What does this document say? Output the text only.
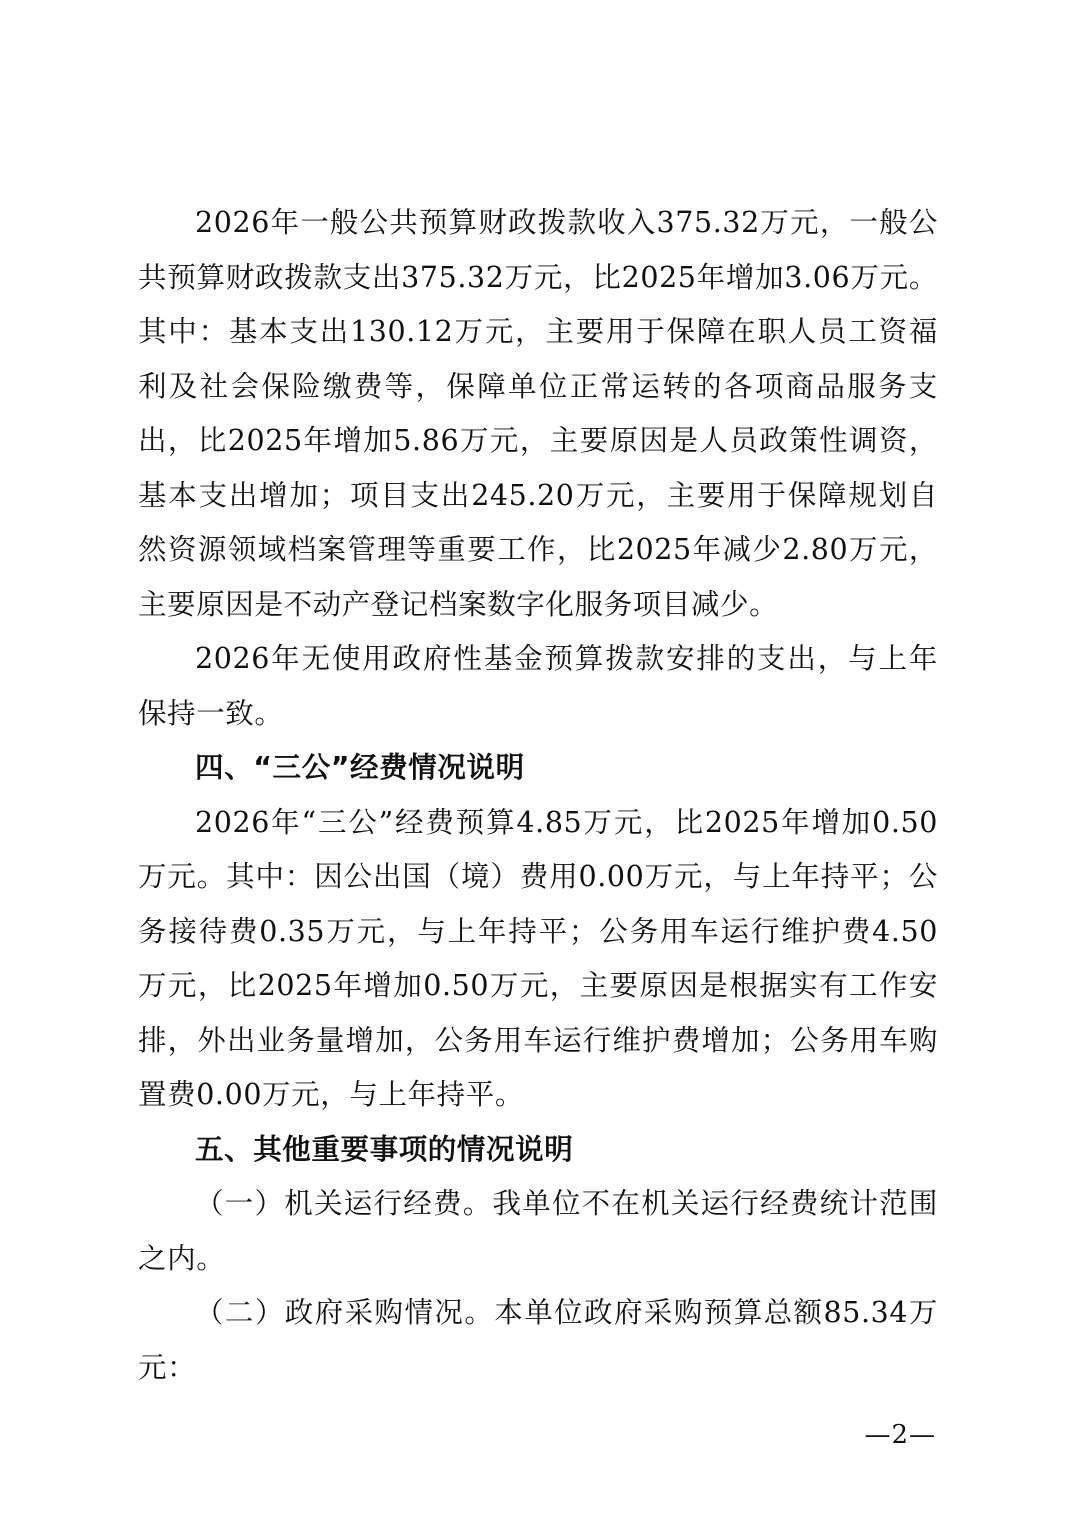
2026年一般公共预算财政拨款收入375.32万元，一般公共预算财政拨款支出375.32万元，比2025年增加3.06万元。其中：基本支出130.12万元，主要用于保障在职人员工资福利及社会保险缴费等，保障单位正常运转的各项商品服务支出，比2025年增加5.86万元，主要原因是人员政策性调资，基本支出增加；项目支出245.20万元，主要用于保障规划自然资源领域档案管理等重要工作，比2025年减少2.80万元，主要原因是不动产登记档案数字化服务项目减少。

2026年无使用政府性基金预算拨款安排的支出，与上年保持一致。

四、“三公”经费情况说明

2026年“三公”经费预算4.85万元，比2025年增加0.50万元。其中：因公出国（境）费用0.00万元，与上年持平；公务接待费0.35万元，与上年持平；公务用车运行维护费4.50万元，比2025年增加0.50万元，主要原因是根据实有工作安排，外出业务量增加，公务用车运行维护费增加；公务用车购置费0.00万元，与上年持平。

五、其他重要事项的情况说明

（一）机关运行经费。我单位不在机关运行经费统计范围之内。

（二）政府采购情况。本单位政府采购预算总额85.34万元：

—2—
